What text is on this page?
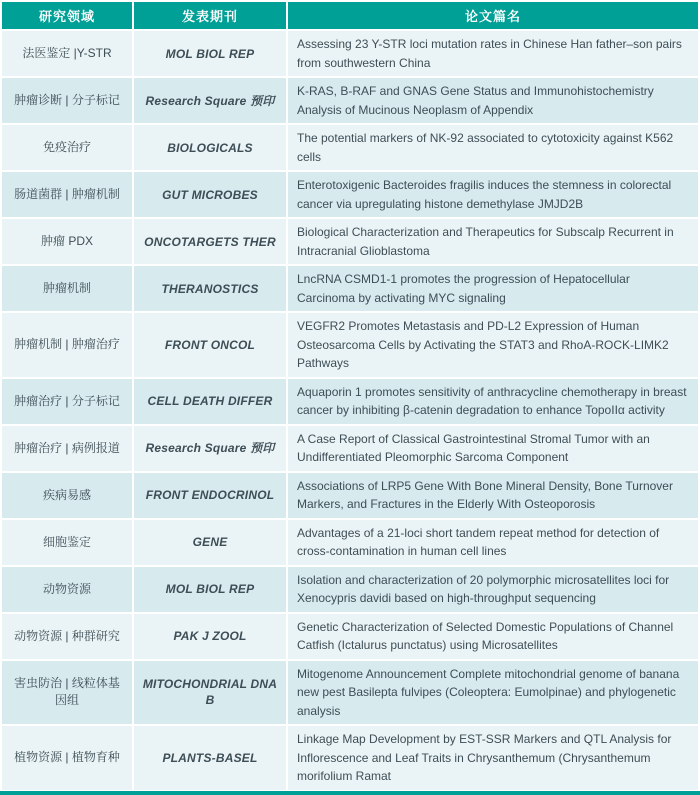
研究领域	发表期刊	论文篇名
法医鉴定 |Y-STR	MOL BIOL REP	Assessing 23 Y-STR loci mutation rates in Chinese Han father–son pairs from southwestern China
肿瘤诊断 | 分子标记	Research Square 预印	K-RAS, B-RAF and GNAS Gene Status and Immunohistochemistry Analysis of Mucinous Neoplasm of Appendix
免疫治疗	BIOLOGICALS	The potential markers of NK-92 associated to cytotoxicity against K562 cells
肠道菌群 | 肿瘤机制	GUT MICROBES	Enterotoxigenic Bacteroides fragilis induces the stemness in colorectal cancer via upregulating histone demethylase JMJD2B
肿瘤 PDX	ONCOTARGETS THER	Biological Characterization and Therapeutics for Subscalp Recurrent in Intracranial Glioblastoma
肿瘤机制	THERANOSTICS	LncRNA CSMD1-1 promotes the progression of Hepatocellular Carcinoma by activating MYC signaling
肿瘤机制 | 肿瘤治疗	FRONT ONCOL	VEGFR2 Promotes Metastasis and PD-L2 Expression of Human Osteosarcoma Cells by Activating the STAT3 and RhoA-ROCK-LIMK2 Pathways
肿瘤治疗 | 分子标记	CELL DEATH DIFFER	Aquaporin 1 promotes sensitivity of anthracycline chemotherapy in breast cancer by inhibiting β-catenin degradation to enhance TopoIIα activity
肿瘤治疗 | 病例报道	Research Square 预印	A Case Report of Classical Gastrointestinal Stromal Tumor with an Undifferentiated Pleomorphic Sarcoma Component
疾病易感	FRONT ENDOCRINOL	Associations of LRP5 Gene With Bone Mineral Density, Bone Turnover Markers, and Fractures in the Elderly With Osteoporosis
细胞鉴定	GENE	Advantages of a 21-loci short tandem repeat method for detection of cross-contamination in human cell lines
动物资源	MOL BIOL REP	Isolation and characterization of 20 polymorphic microsatellites loci for Xenocypris davidi based on high-throughput sequencing
动物资源 | 种群研究	PAK J ZOOL	Genetic Characterization of Selected Domestic Populations of Channel Catfish (Ictalurus punctatus) using Microsatellites
害虫防治 | 线粒体基因组	MITOCHONDRIAL DNA B	Mitogenome Announcement Complete mitochondrial genome of banana new pest Basilepta fulvipes (Coleoptera: Eumolpinae) and phylogenetic analysis
植物资源 | 植物育种	PLANTS-BASEL	Linkage Map Development by EST-SSR Markers and QTL Analysis for Inflorescence and Leaf Traits in Chrysanthemum (Chrysanthemum morifolium Ramat
